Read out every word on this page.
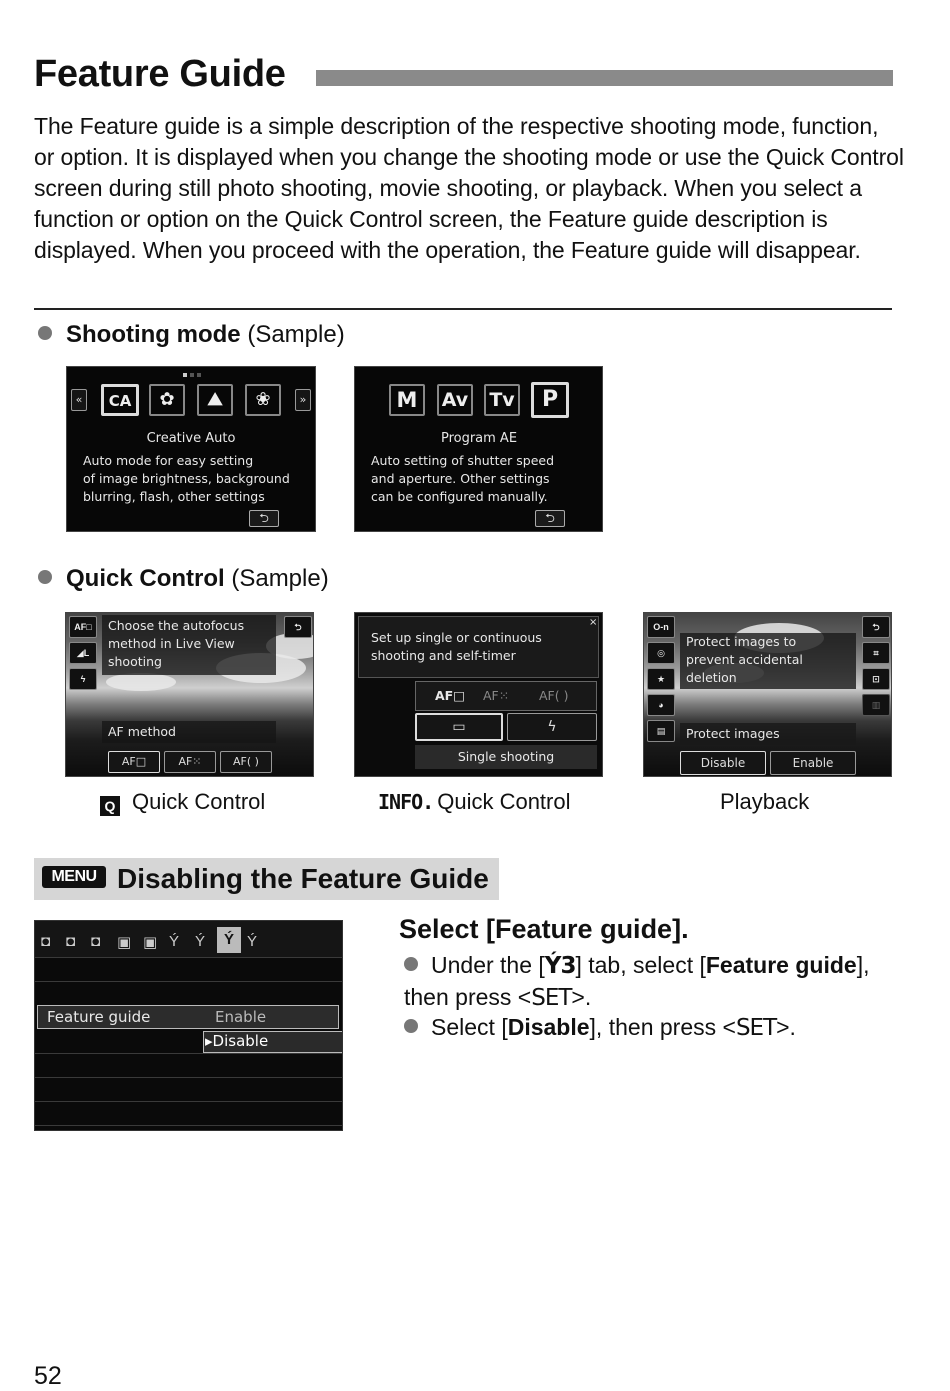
Feature Guide
The Feature guide is a simple description of the respective shooting mode, function, or option. It is displayed when you change the shooting mode or use the Quick Control screen during still photo shooting, movie shooting, or playback. When you select a function or option on the Quick Control screen, the Feature guide description is displayed. When you proceed with the operation, the Feature guide will disappear.
Shooting mode (Sample)
«	»
CA	✿	⛰	❀
Creative Auto
Auto mode for easy setting
of image brightness, background
blurring, flash, other settings
⮌
M	Av Tv	P
Program AE
Auto setting of shutter speed
and aperture. Other settings
can be configured manually.
⮌
Quick Control (Sample)
Choose the autofocus
method in Live View
shooting
AF□
◢L
ϟ
⮌
AF method
AF□	AF⁙	AF( )
Set up single or continuous
shooting and self-timer
×
AF□ AF⁙ AF( )
▭	ϟ
Single shooting
Protect images to
prevent accidental
deletion
O-n
◎
★
◕
▤
⮌
⌗
⊡
▥
Protect images
Disable	Enable
Q Quick Control	INFO. Quick Control	Playback
MENU Disabling the Feature Guide
◘ ◘ ◘ ▣ ▣ Ý Ý	Ý Ý
Feature guide	Enable
▸Disable
Select [Feature guide].
Under the [Ý3] tab, select [Feature guide], then press <SET>.
Select [Disable], then press <SET>.
52
